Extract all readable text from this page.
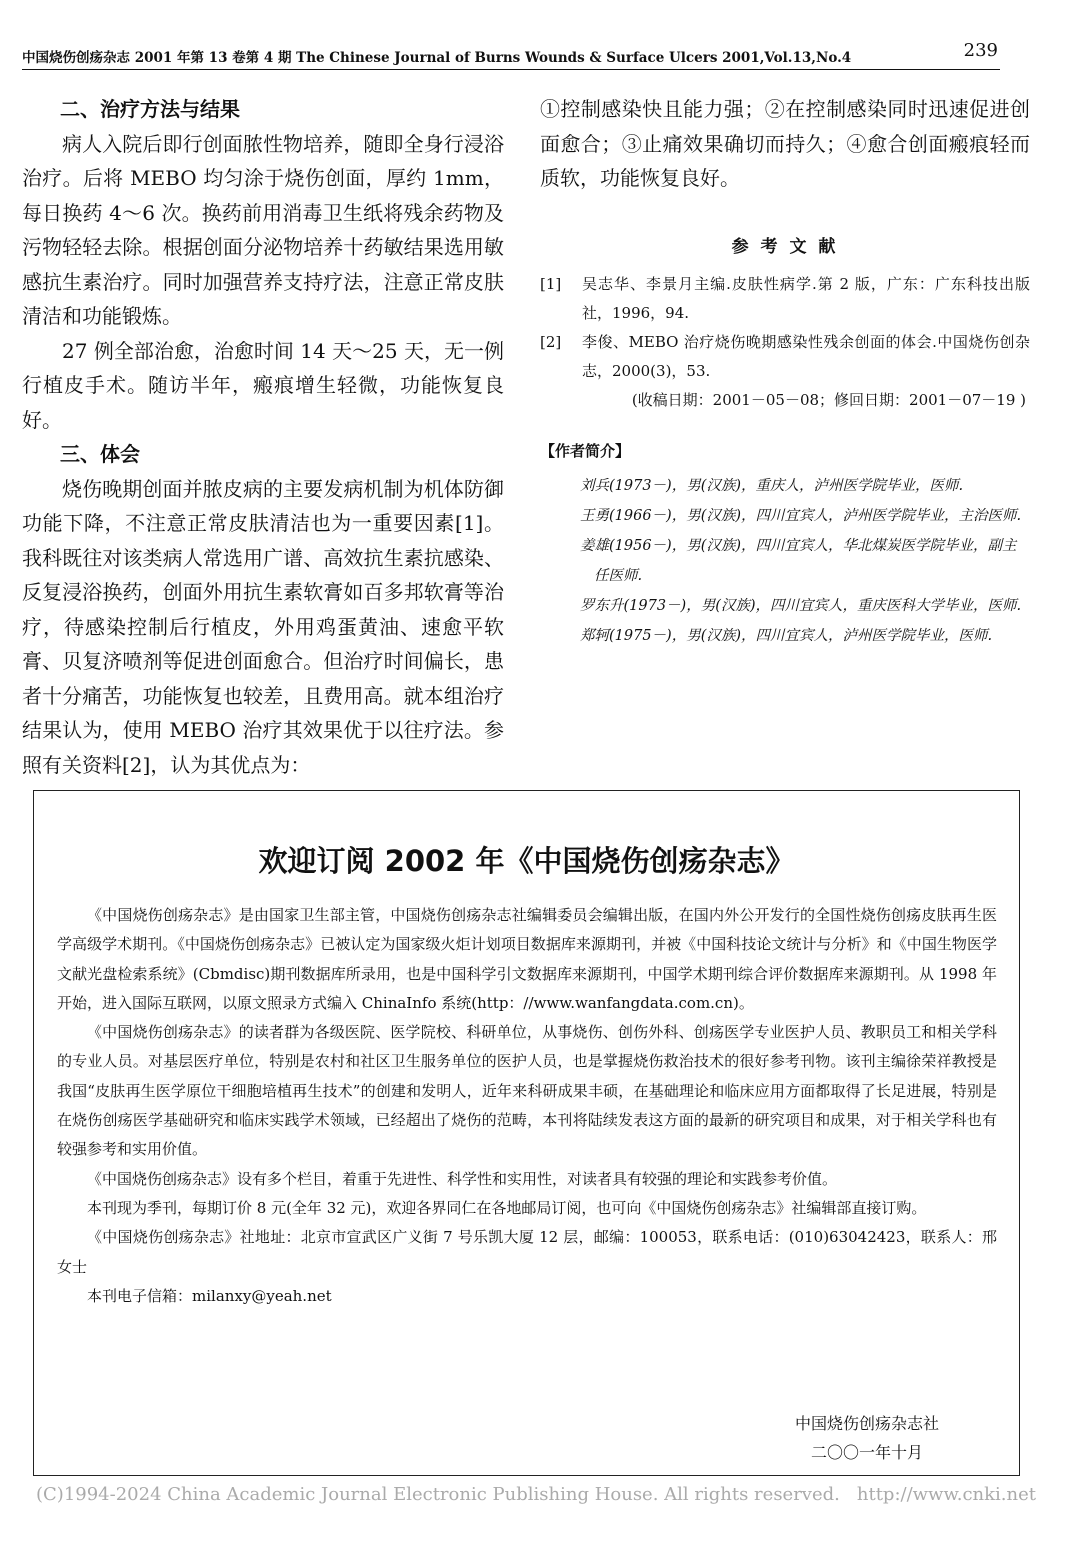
中国烧伤创疡杂志 2001 年第 13 卷第 4 期 The Chinese Journal of Burns Wounds & Surface Ulcers 2001,Vol.13,No.4	239
二、治疗方法与结果

病人入院后即行创面脓性物培养，随即全身行浸浴治疗。后将 MEBO 均匀涂于烧伤创面，厚约 1mm，每日换药 4～6 次。换药前用消毒卫生纸将残余药物及污物轻轻去除。根据创面分泌物培养十药敏结果选用敏感抗生素治疗。同时加强营养支持疗法，注意正常皮肤清洁和功能锻炼。

27 例全部治愈，治愈时间 14 天～25 天，无一例行植皮手术。随访半年，瘢痕增生轻微，功能恢复良好。

三、体会

烧伤晚期创面并脓皮病的主要发病机制为机体防御功能下降，不注意正常皮肤清洁也为一重要因素[1]。我科既往对该类病人常选用广谱、高效抗生素抗感染、反复浸浴换药，创面外用抗生素软膏如百多邦软膏等治疗，待感染控制后行植皮，外用鸡蛋黄油、速愈平软膏、贝复济喷剂等促进创面愈合。但治疗时间偏长，患者十分痛苦，功能恢复也较差，且费用高。就本组治疗结果认为，使用 MEBO 治疗其效果优于以往疗法。参照有关资料[2]，认为其优点为：

①控制感染快且能力强；②在控制感染同时迅速促进创面愈合；③止痛效果确切而持久；④愈合创面瘢痕轻而质软，功能恢复良好。

参 考 文 献
[1] 吴志华、李景月主编.皮肤性病学.第 2 版，广东：广东科技出版社，1996，94.
[2] 李俊、MEBO 治疗烧伤晚期感染性残余创面的体会.中国烧伤创杂志，2000(3)，53.
(收稿日期：2001－05－08；修回日期：2001－07－19 )
【作者简介】
刘兵(1973－)，男(汉族)，重庆人，泸州医学院毕业，医师.
王勇(1966－)，男(汉族)，四川宜宾人，泸州医学院毕业，主治医师.
姜雄(1956－)，男(汉族)，四川宜宾人，华北煤炭医学院毕业，副主任医师.
罗东升(1973－)，男(汉族)，四川宜宾人，重庆医科大学毕业，医师.
郑轲(1975－)，男(汉族)，四川宜宾人，泸州医学院毕业，医师.
欢迎订阅 2002 年《中国烧伤创疡杂志》

《中国烧伤创疡杂志》是由国家卫生部主管，中国烧伤创疡杂志社编辑委员会编辑出版，在国内外公开发行的全国性烧伤创疡皮肤再生医学高级学术期刊。《中国烧伤创疡杂志》已被认定为国家级火炬计划项目数据库来源期刊，并被《中国科技论文统计与分析》和《中国生物医学文献光盘检索系统》(Cbmdisc)期刊数据库所录用，也是中国科学引文数据库来源期刊，中国学术期刊综合评价数据库来源期刊。从 1998 年开始，进入国际互联网，以原文照录方式编入 ChinaInfo 系统(http：//www.wanfangdata.com.cn)。

《中国烧伤创疡杂志》的读者群为各级医院、医学院校、科研单位，从事烧伤、创伤外科、创疡医学专业医护人员、教职员工和相关学科的专业人员。对基层医疗单位，特别是农村和社区卫生服务单位的医护人员，也是掌握烧伤救治技术的很好参考刊物。该刊主编徐荣祥教授是我国“皮肤再生医学原位干细胞培植再生技术”的创建和发明人，近年来科研成果丰硕，在基础理论和临床应用方面都取得了长足进展，特别是在烧伤创疡医学基础研究和临床实践学术领域，已经超出了烧伤的范畴，本刊将陆续发表这方面的最新的研究项目和成果，对于相关学科也有较强参考和实用价值。

《中国烧伤创疡杂志》设有多个栏目，着重于先进性、科学性和实用性，对读者具有较强的理论和实践参考价值。

本刊现为季刊，每期订价 8 元(全年 32 元)，欢迎各界同仁在各地邮局订阅，也可向《中国烧伤创疡杂志》社编辑部直接订购。

《中国烧伤创疡杂志》社地址：北京市宣武区广义街 7 号乐凯大厦 12 层，邮编：100053，联系电话：(010)63042423，联系人：邢女士

本刊电子信箱：milanxy@yeah.net

中国烧伤创疡杂志社
二〇〇一年十月
(C)1994-2024 China Academic Journal Electronic Publishing House. All rights reserved. http://www.cnki.net
